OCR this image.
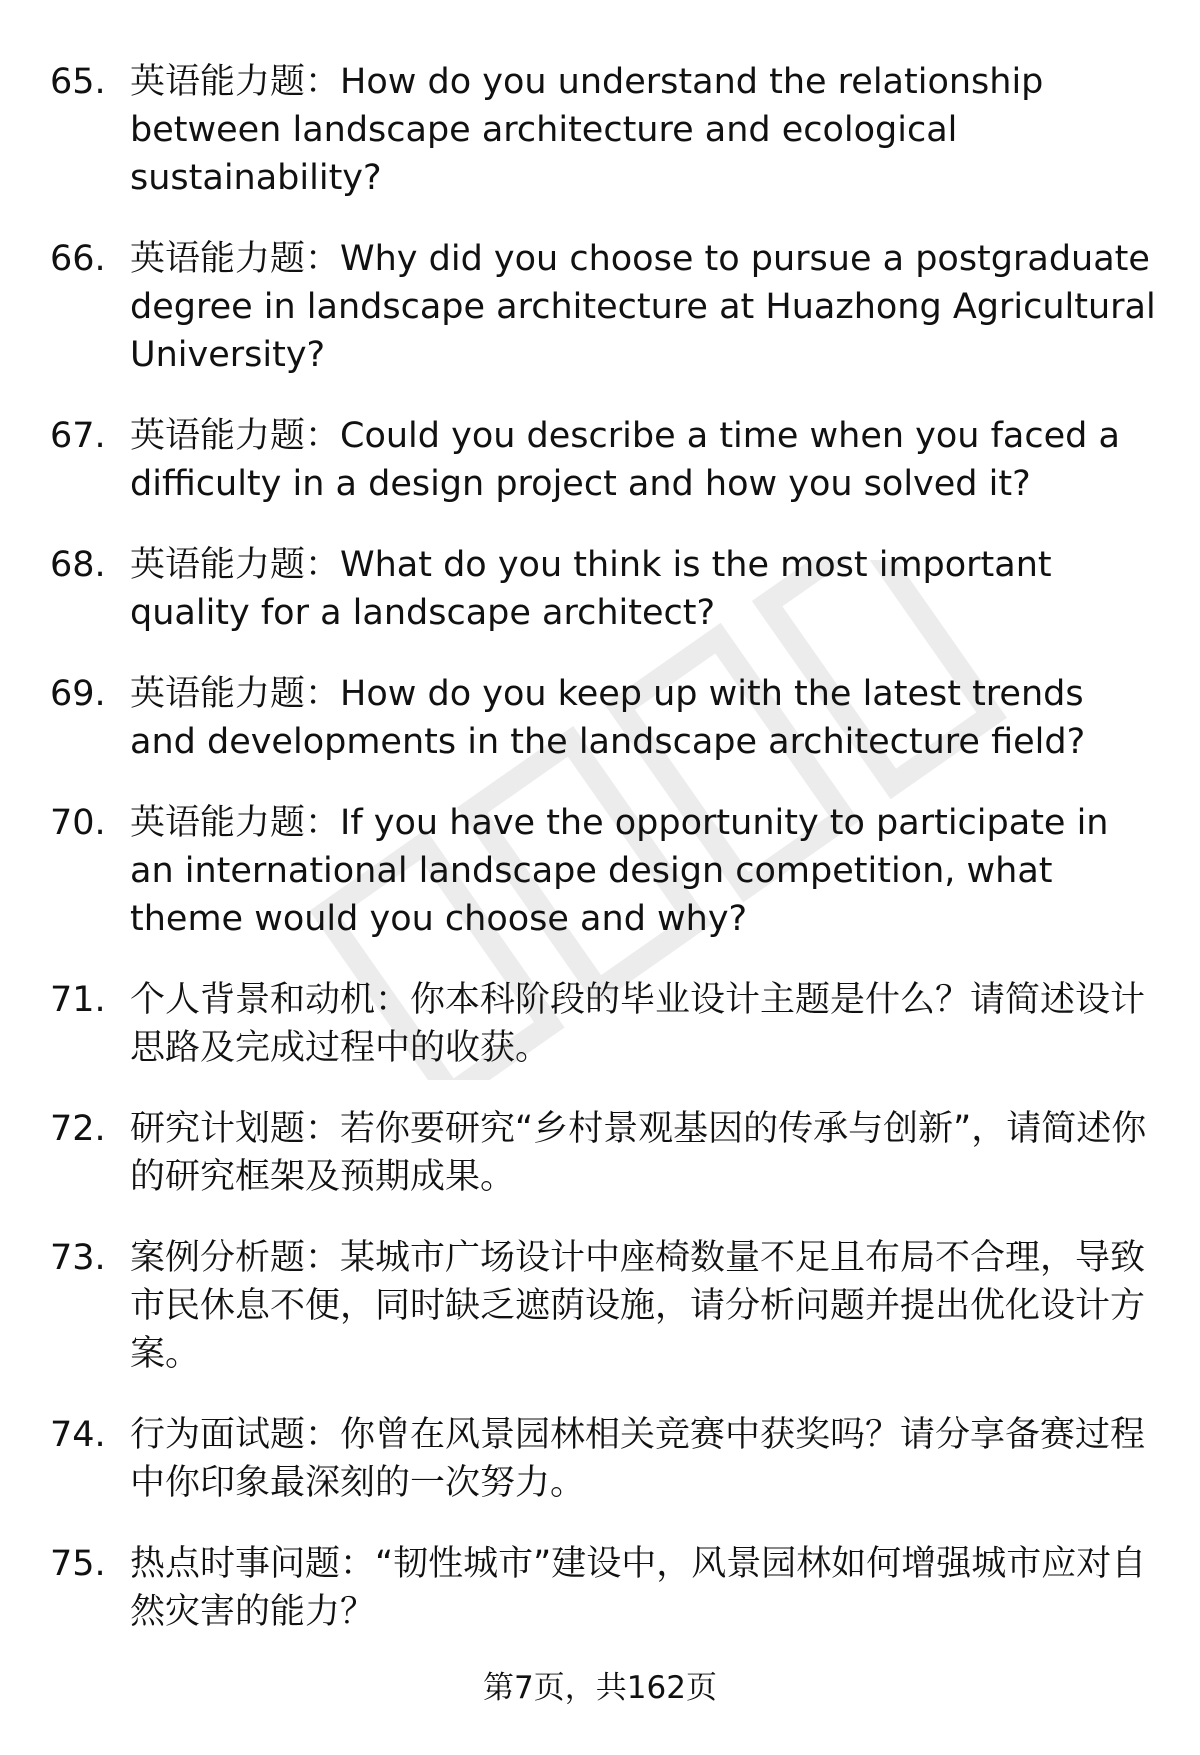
65. 英语能力题：How do you understand the relationship between landscape architecture and ecological sustainability?
66. 英语能力题：Why did you choose to pursue a postgraduate degree in landscape architecture at Huazhong Agricultural University?
67. 英语能力题：Could you describe a time when you faced a difficulty in a design project and how you solved it?
68. 英语能力题：What do you think is the most important quality for a landscape architect?
69. 英语能力题：How do you keep up with the latest trends and developments in the landscape architecture field?
70. 英语能力题：If you have the opportunity to participate in an international landscape design competition, what theme would you choose and why?
71. 个人背景和动机：你本科阶段的毕业设计主题是什么？请简述设计思路及完成过程中的收获。
72. 研究计划题：若你要研究“乡村景观基因的传承与创新”，请简述你的研究框架及预期成果。
73. 案例分析题：某城市广场设计中座椅数量不足且布局不合理，导致市民休息不便，同时缺乏遮荫设施，请分析问题并提出优化设计方案。
74. 行为面试题：你曾在风景园林相关竞赛中获奖吗？请分享备赛过程中你印象最深刻的一次努力。
75. 热点时事问题：“韧性城市”建设中，风景园林如何增强城市应对自然灾害的能力？
第7页，共162页
